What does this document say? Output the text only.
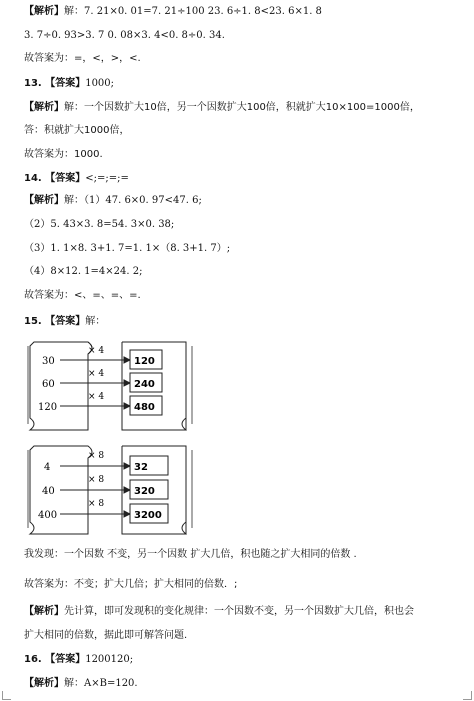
【解析】解：7. 21×0. 01=7. 21÷100 23. 6÷1. 8<23. 6×1. 8
3. 7÷0. 93>3. 7 0. 08×3. 4<0. 8÷0. 34.
故答案为：=，<，>，<.
13. 【答案】1000;
【解析】解：一个因数扩大10倍，另一个因数扩大100倍，积就扩大10×100=1000倍，
答：积就扩大1000倍，
故答案为：1000.
14. 【答案】<;=;=;=
【解析】解：（1）47. 6×0. 97<47. 6;
（2）5. 43×3. 8=54. 3×0. 38;
（3）1. 1×8. 3+1. 7=1. 1×（8. 3+1. 7）;
（4）8×12. 1=4×24. 2;
故答案为：<、=、=、=.
15. 【答案】解：
30
60
120
× 4
× 4
× 4
120
240
480
4
40
400
× 8
× 8
× 8
32
320
3200
我发现：一个因数 不变，另一个因数 扩大几倍，积也随之扩大相同的倍数 .
故答案为：不变；扩大几倍；扩大相同的倍数．;
【解析】先计算，即可发现积的变化规律：一个因数不变，另一个因数扩大几倍，积也会
扩大相同的倍数，据此即可解答问题.
16. 【答案】1200120;
【解析】解：A×B=120.
